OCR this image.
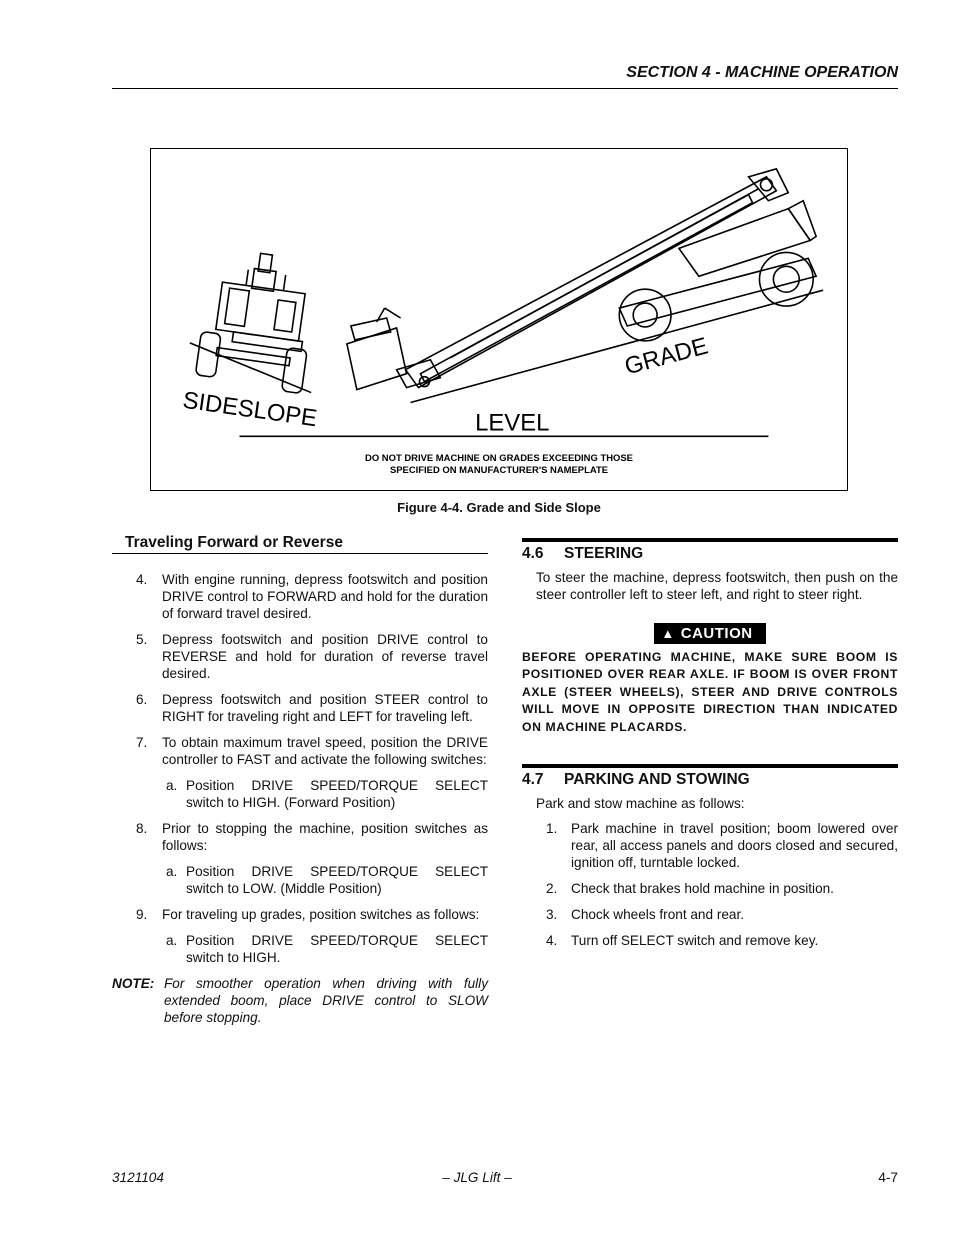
SECTION 4 - MACHINE OPERATION
SIDESLOPE	LEVEL
GRADE
DO NOT DRIVE MACHINE ON GRADES EXCEEDING THOSE
SPECIFIED ON MANUFACTURER'S NAMEPLATE
Figure 4-4. Grade and Side Slope
Traveling Forward or Reverse
4. With engine running, depress footswitch and position DRIVE control to FORWARD and hold for the duration of forward travel desired.
5. Depress footswitch and position DRIVE control to REVERSE and hold for duration of reverse travel desired.
6. Depress footswitch and position STEER control to RIGHT for traveling right and LEFT for traveling left.
7. To obtain maximum travel speed, position the DRIVE controller to FAST and activate the following switches:
a. Position DRIVE SPEED/TORQUE SELECT switch to HIGH. (Forward Position)
8. Prior to stopping the machine, position switches as follows:
a. Position DRIVE SPEED/TORQUE SELECT switch to LOW. (Middle Position)
9. For traveling up grades, position switches as follows:
a. Position DRIVE SPEED/TORQUE SELECT switch to HIGH.
NOTE: For smoother operation when driving with fully extended boom, place DRIVE control to SLOW before stopping.
4.6 STEERING
To steer the machine, depress footswitch, then push on the steer controller left to steer left, and right to steer right.
▲ CAUTION
BEFORE OPERATING MACHINE, MAKE SURE BOOM IS POSITIONED OVER REAR AXLE. IF BOOM IS OVER FRONT AXLE (STEER WHEELS), STEER AND DRIVE CONTROLS WILL MOVE IN OPPOSITE DIRECTION THAN INDICATED ON MACHINE PLACARDS.
4.7 PARKING AND STOWING
Park and stow machine as follows:
1. Park machine in travel position; boom lowered over rear, all access panels and doors closed and secured, ignition off, turntable locked.
2. Check that brakes hold machine in position.
3. Chock wheels front and rear.
4. Turn off SELECT switch and remove key.
3121104	– JLG Lift –	4-7
